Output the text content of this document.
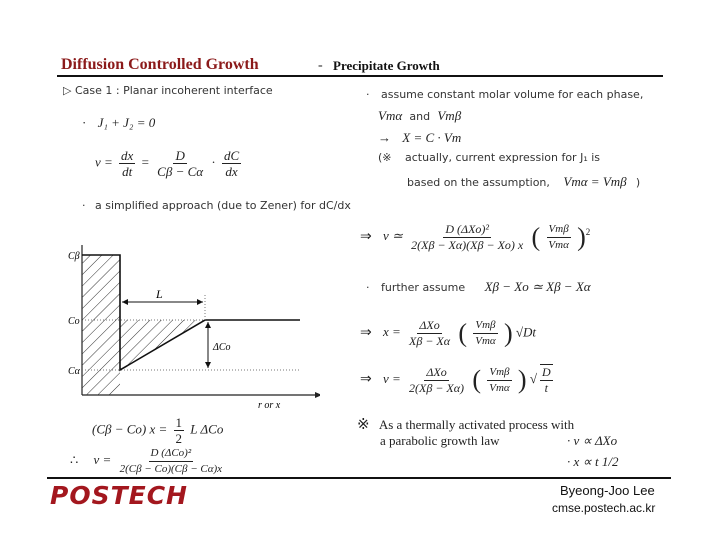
Diffusion Controlled Growth	- Precipitate Growth
▷ Case 1 : Planar incoherent interface
· J₁ + J₂ = 0
$v = \frac{dx}{dt} = \frac{D}{C\beta - C\alpha} \cdot \frac{dC}{dx}$
· a simplified approach (due to Zener) for dC/dx
Cβ
Co
Cα
L
ΔCo
r or x
(Cβ − Co) $x = \frac{1}{2}$ L ΔCo
∴ $v = \frac{\text{D (ΔCo)²}}{2(C\beta - Co)(C\beta - C\alpha)x}$
· assume constant molar volume for each phase,
Vmα and Vmβ
→ X = C · Vm
(※ actually, current expression for J₁ is
based on the assumption, Vmα = Vmβ )
⇒ v ≃ $\frac{\text{D (ΔXo)²}}{2(X\beta - X\alpha)(X\beta - Xo) x}$ ( $\frac{\text{Vmβ}}{\text{Vmα}} )^2$
· further assume Xβ − Xo ≃ Xβ − Xα
⇒ $x = \frac{\text{ΔXo}}{X\beta - X\alpha}$ ( $\frac{\text{Vmβ}}{\text{Vmα}}$ ) √Dt
⇒ $v = \frac{\text{ΔXo}}{2(X\beta - X\alpha)}$ ( $\frac{\text{Vmβ}}{\text{Vmα}}$ ) √ $\frac{D}{t}$
※ As a thermally activated process with
a parabolic growth law	· v ∝ ΔXo
· x ∝ t 1/2
POSTECH	Byeong-Joo Lee
cmse.postech.ac.kr
